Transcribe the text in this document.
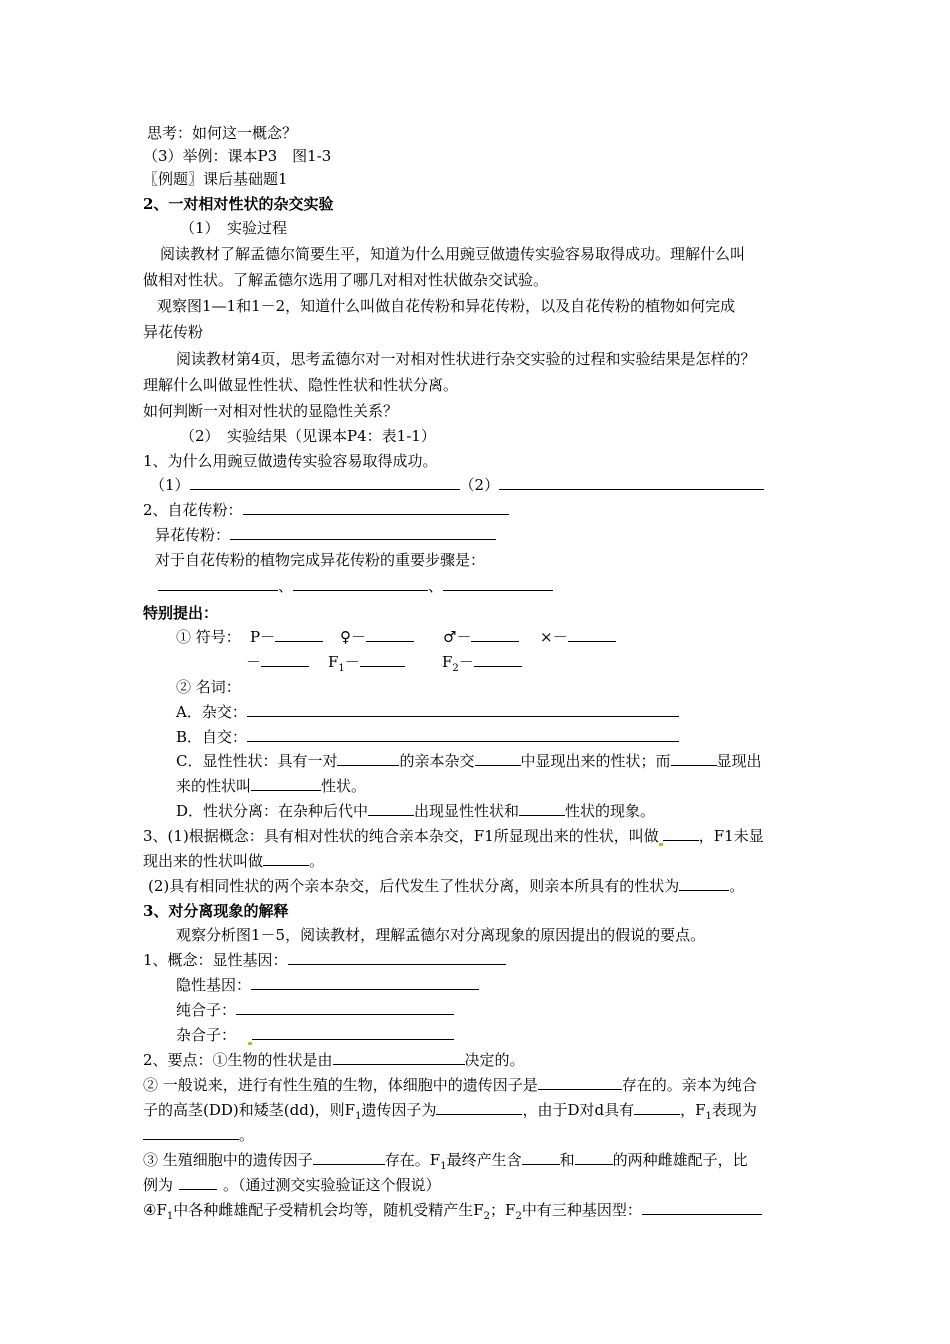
思考：如何这一概念？
（3）举例：课本P3　图1-3
〖例题〗课后基础题1
2、一对相对性状的杂交实验
（1）　实验过程
阅读教材了解孟德尔简要生平，知道为什么用豌豆做遗传实验容易取得成功。理解什么叫
做相对性状。了解孟德尔选用了哪几对相对性状做杂交试验。
观察图1—1和1－2，知道什么叫做自花传粉和异花传粉，以及自花传粉的植物如何完成
异花传粉
阅读教材第4页，思考孟德尔对一对相对性状进行杂交实验的过程和实验结果是怎样的？
理解什么叫做显性性状、隐性性状和性状分离。
如何判断一对相对性状的显隐性关系？
（2）　实验结果（见课本P4：表1-1）
1、为什么用豌豆做遗传实验容易取得成功。
（1）	（2）
2、自花传粉：
异花传粉：
对于自花传粉的植物完成异花传粉的重要步骤是：
、	、
特别提出：
① 符号： P－	♀－	♂－	×－
－	$F_1-$	$F_2-$
② 名词：
A．杂交：
B．自交：
C．显性性状：具有一对	的亲本杂交	中显现出来的性状；而	显现出
来的性状叫	性状。
D．性状分离：在杂种后代中	出现显性性状和	性状的现象。
3、(1)根据概念：具有相对性状的纯合亲本杂交，F1所显现出来的性状，叫做	，F1未显
现出来的性状叫做	。
(2)具有相同性状的两个亲本杂交，后代发生了性状分离，则亲本所具有的性状为	。
3、对分离现象的解释
观察分析图1－5，阅读教材，理解孟德尔对分离现象的原因提出的假说的要点。
1、概念：显性基因：
隐性基因：
纯合子：
杂合子：
2、要点：①生物的性状是由	决定的。
② 一般说来，进行有性生殖的生物，体细胞中的遗传因子是	存在的。亲本为纯合
子的高茎(DD)和矮茎(dd)，则$F_1$遗传因子为	，由于D对d具有	，$F_1$表现为
。
③ 生殖细胞中的遗传因子	存在。$F_1$最终产生含	和	的两种雌雄配子，比
例为	。（通过测交实验验证这个假说）
$④F_1$中各种雌雄配子受精机会均等，随机受精产生$F_2$；$F_2$中有三种基因型：
